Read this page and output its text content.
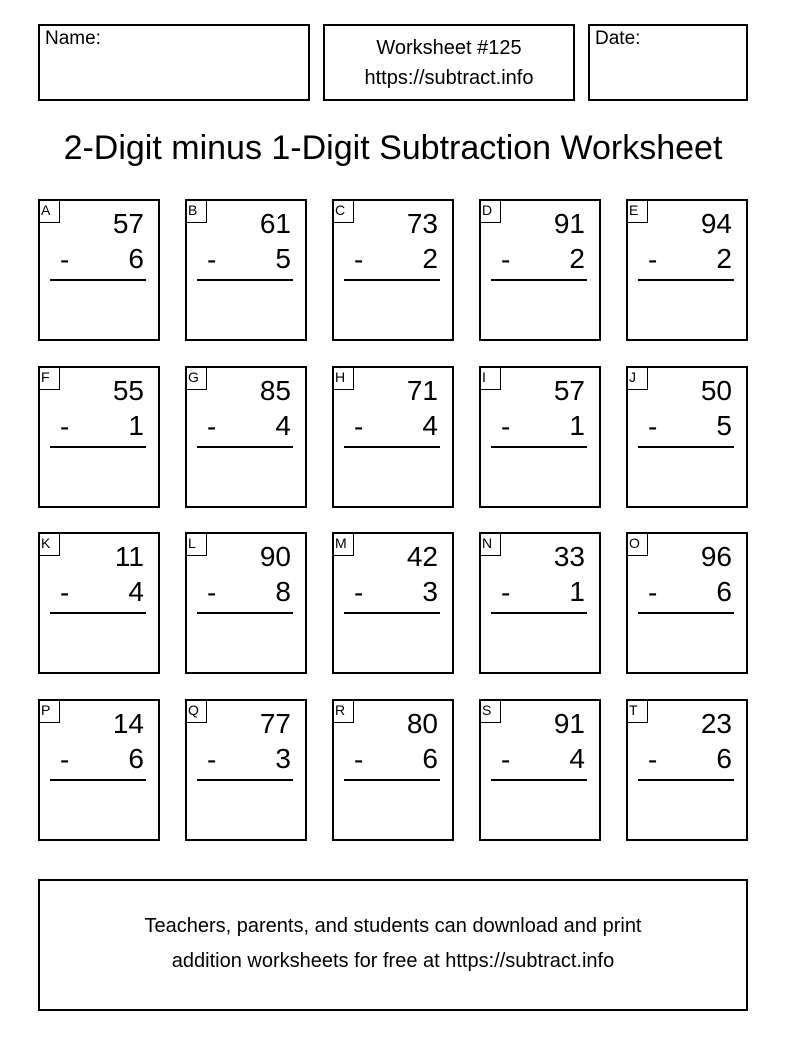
Name:	Worksheet #125
https://subtract.info
Date:
2-Digit minus 1-Digit Subtraction Worksheet
A	57
- 6
B	61
- 5
C	73
- 2
D	91
- 2
E	94
- 2
F	55
- 1
G 85
- 4
H	71
- 4
I	57
- 1
J	50
- 5
K	11
- 4
L	90
- 8
M 42
- 3
N	33
- 1
O 96
- 6
P	14
- 6
Q 77
- 3
R	80
- 6
S	91
- 4
T	23
- 6
Teachers, parents, and students can download and print
addition worksheets for free at https://subtract.info
